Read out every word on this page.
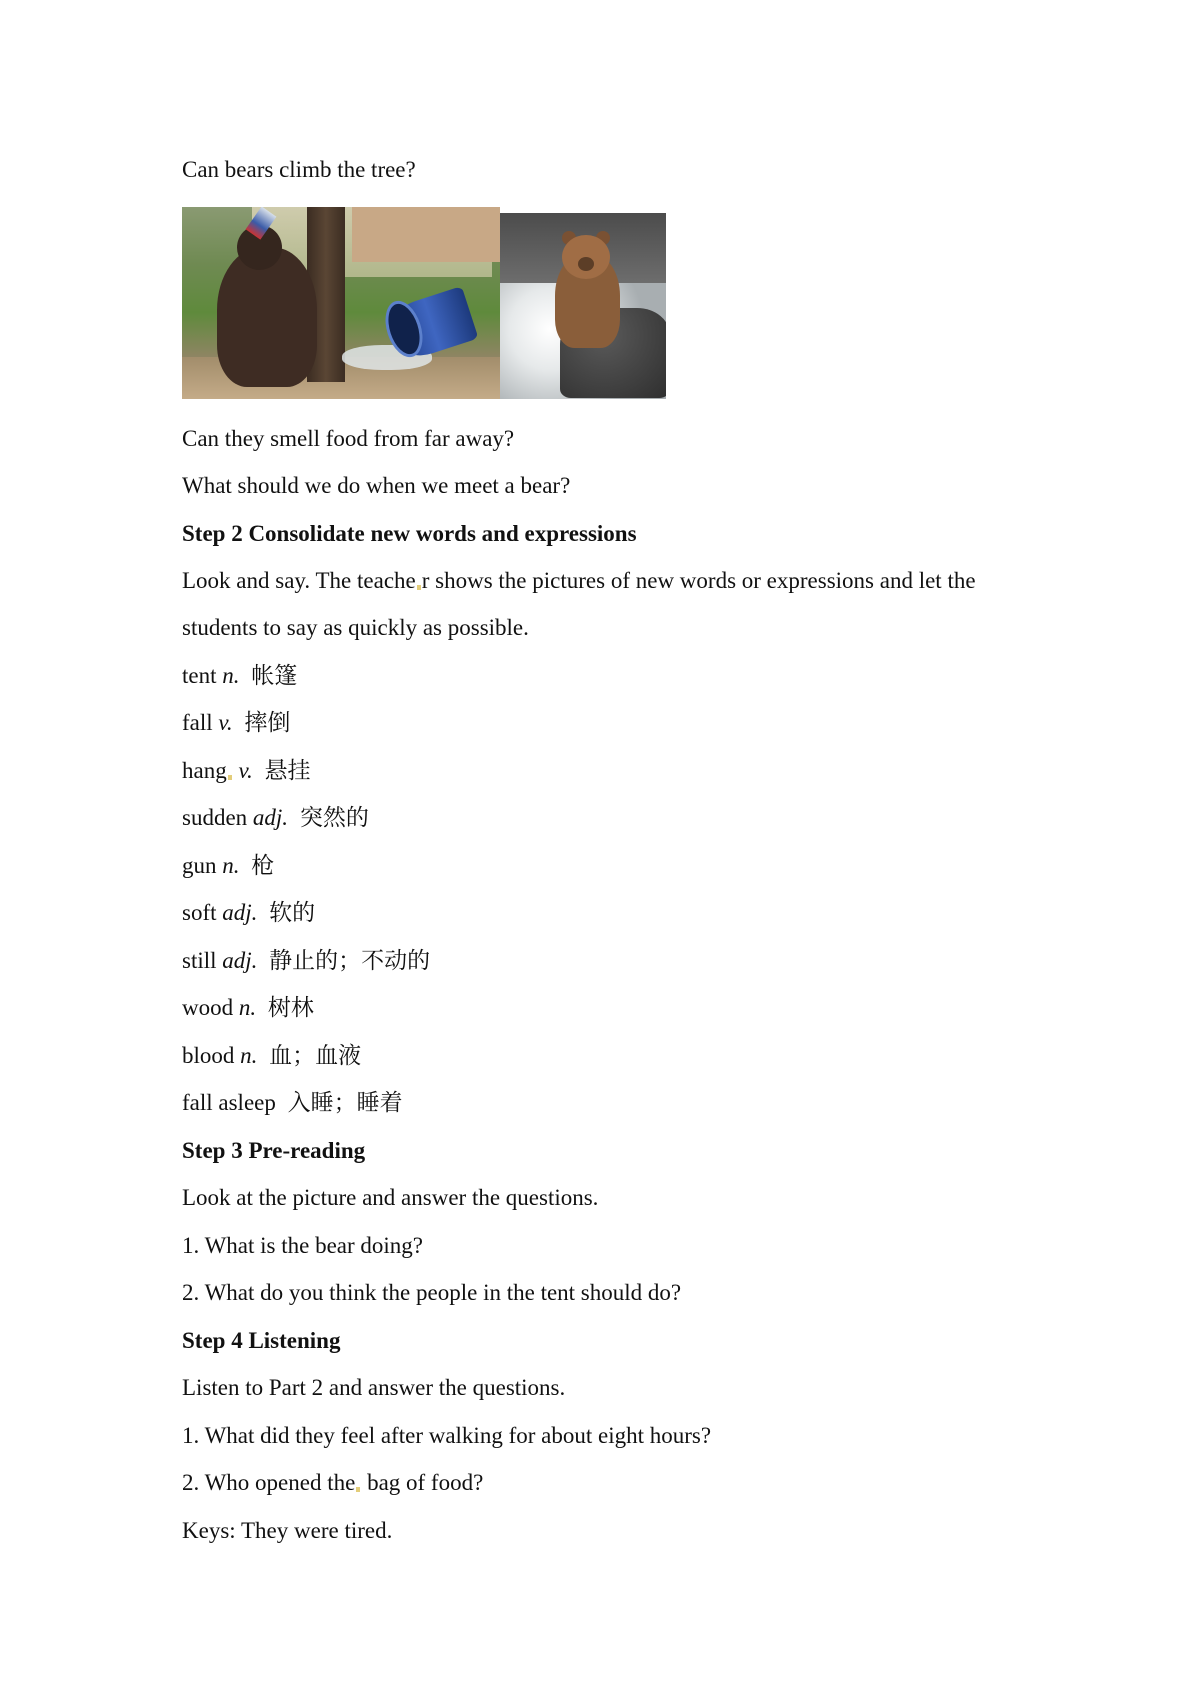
Can bears climb the tree?
Can they smell food from far away?
What should we do when we meet a bear?
Step 2 Consolidate new words and expressions
Look and say. The teache r shows the pictures of new words or expressions and let the
students to say as quickly as possible.
tent n. 帐篷
fall v. 摔倒
hang v. 悬挂
sudden adj. 突然的
gun n. 枪
soft adj. 软的
still adj. 静止的；不动的
wood n. 树林
blood n. 血；血液
fall asleep 入睡；睡着
Step 3 Pre-reading
Look at the picture and answer the questions.
1. What is the bear doing?
2. What do you think the people in the tent should do?
Step 4 Listening
Listen to Part 2 and answer the questions.
1. What did they feel after walking for about eight hours?
2. Who opened the bag of food?
Keys: They were tired.
